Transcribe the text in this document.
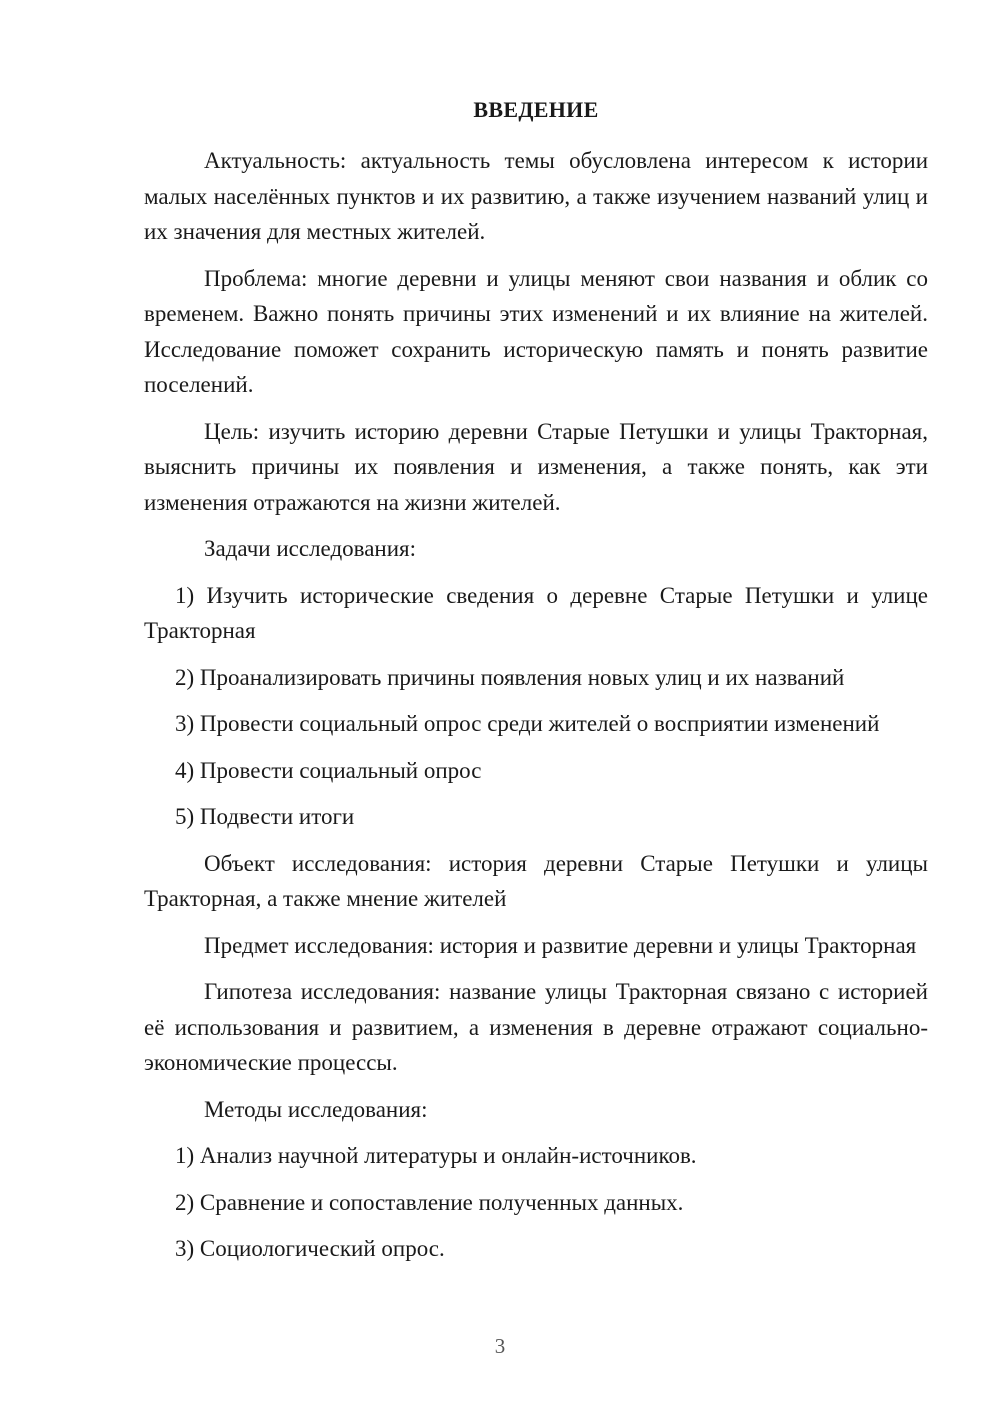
ВВЕДЕНИЕ

Актуальность: актуальность темы обусловлена интересом к истории малых населённых пунктов и их развитию, а также изучением названий улиц и их значения для местных жителей.

Проблема: многие деревни и улицы меняют свои названия и облик со временем. Важно понять причины этих изменений и их влияние на жителей. Исследование поможет сохранить историческую память и понять развитие поселений.

Цель: изучить историю деревни Старые Петушки и улицы Тракторная, выяснить причины их появления и изменения, а также понять, как эти изменения отражаются на жизни жителей.

Задачи исследования:

1) Изучить исторические сведения о деревне Старые Петушки и улице Тракторная

2) Проанализировать причины появления новых улиц и их названий

3) Провести социальный опрос среди жителей о восприятии изменений

4) Провести социальный опрос

5) Подвести итоги

Объект исследования: история деревни Старые Петушки и улицы Тракторная, а также мнение жителей

Предмет исследования: история и развитие деревни и улицы Тракторная

Гипотеза исследования: название улицы Тракторная связано с историей её использования и развитием, а изменения в деревне отражают социально-экономические процессы.

Методы исследования:

1) Анализ научной литературы и онлайн-источников.

2) Сравнение и сопоставление полученных данных.

3) Социологический опрос.

3
